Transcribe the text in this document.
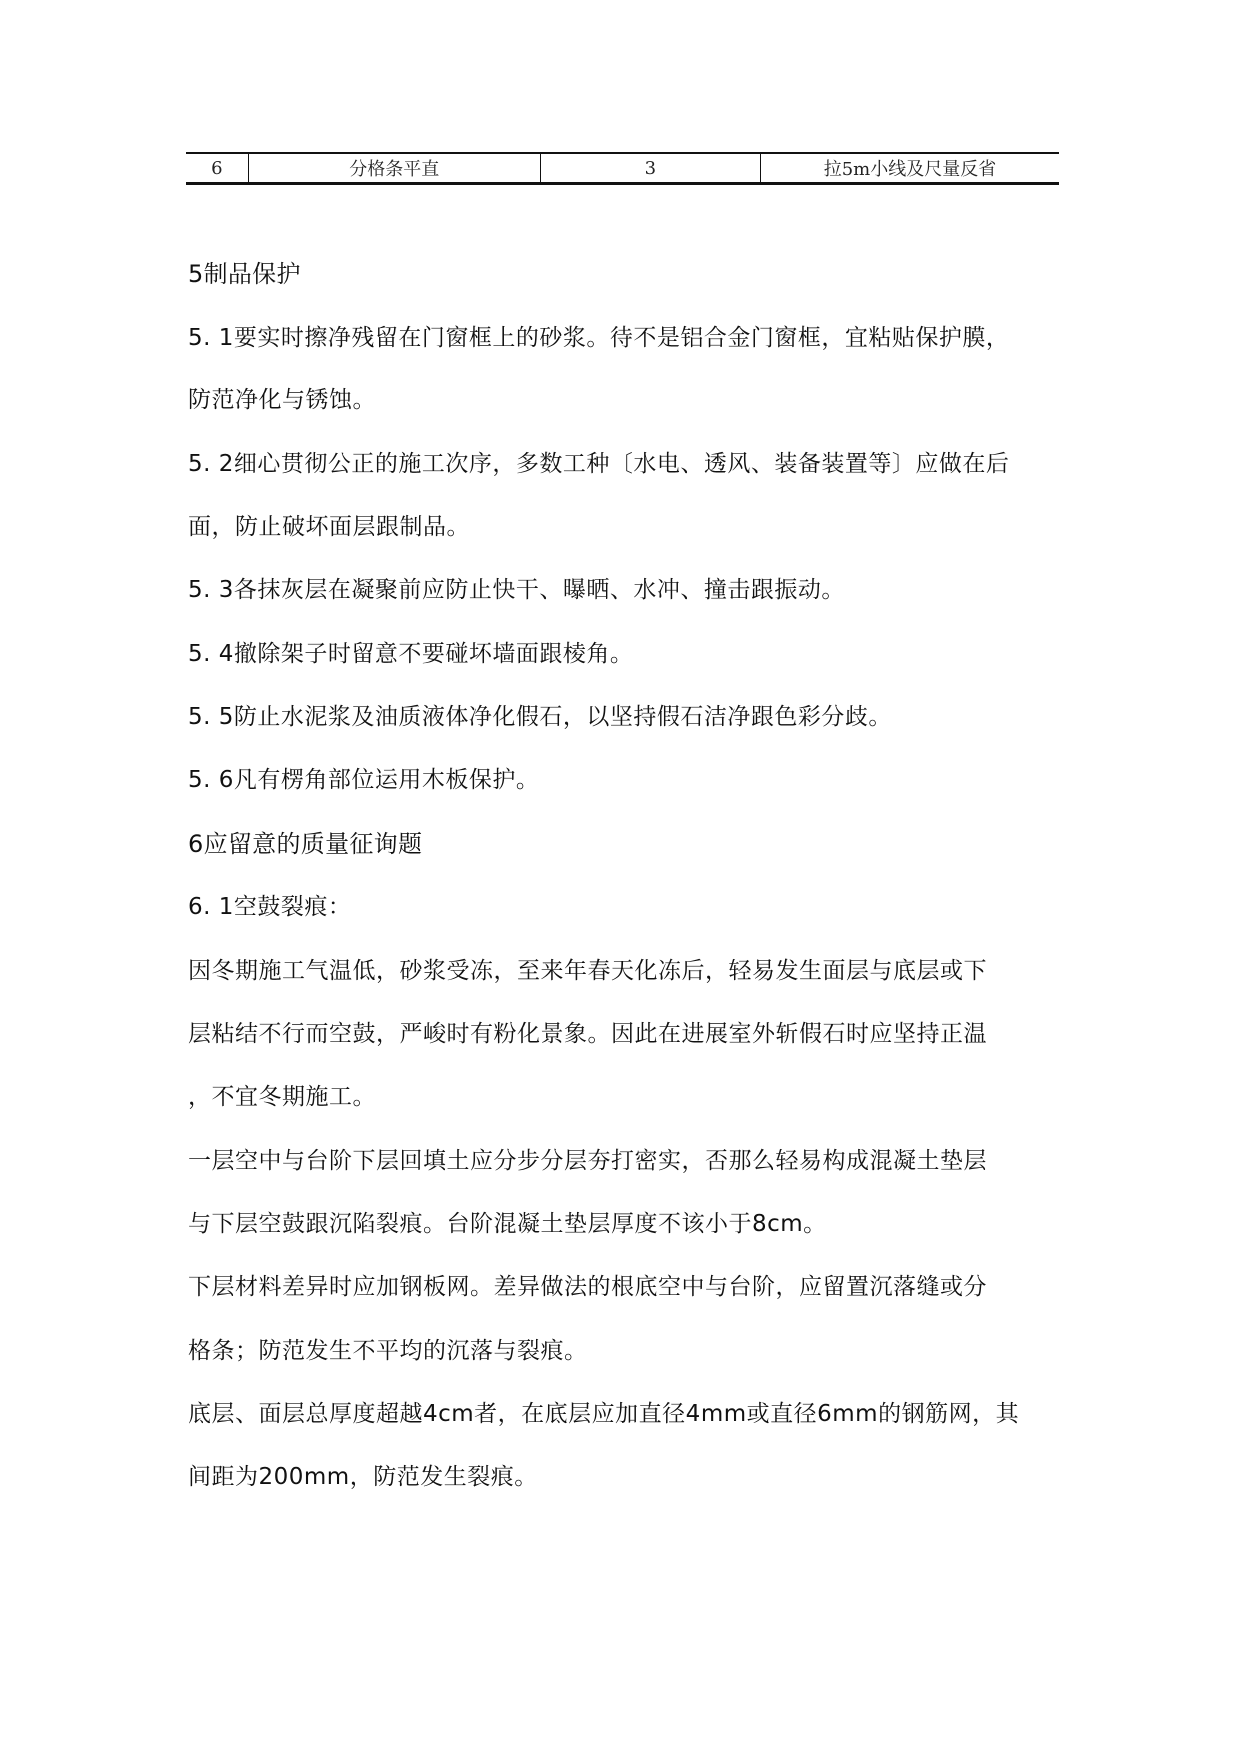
6	分格条平直	3	拉5m小线及尺量反省
5制品保护
5. 1要实时擦净残留在门窗框上的砂浆。待不是铝合金门窗框，宜粘贴保护膜，
防范净化与锈蚀。
5. 2细心贯彻公正的施工次序，多数工种〔水电、透风、装备装置等〕应做在后
面，防止破坏面层跟制品。
5. 3各抹灰层在凝聚前应防止快干、曝晒、水冲、撞击跟振动。
5. 4撤除架子时留意不要碰坏墙面跟棱角。
5. 5防止水泥浆及油质液体净化假石，以坚持假石洁净跟色彩分歧。
5. 6凡有楞角部位运用木板保护。
6应留意的质量征询题
6. 1空鼓裂痕：
因冬期施工气温低，砂浆受冻，至来年春天化冻后，轻易发生面层与底层或下
层粘结不行而空鼓，严峻时有粉化景象。因此在进展室外斩假石时应坚持正温
，不宜冬期施工。
一层空中与台阶下层回填土应分步分层夯打密实，否那么轻易构成混凝土垫层
与下层空鼓跟沉陷裂痕。台阶混凝土垫层厚度不该小于8cm。
下层材料差异时应加钢板网。差异做法的根底空中与台阶，应留置沉落缝或分
格条；防范发生不平均的沉落与裂痕。
底层、面层总厚度超越4cm者，在底层应加直径4mm或直径6mm的钢筋网，其
间距为200mm，防范发生裂痕。
